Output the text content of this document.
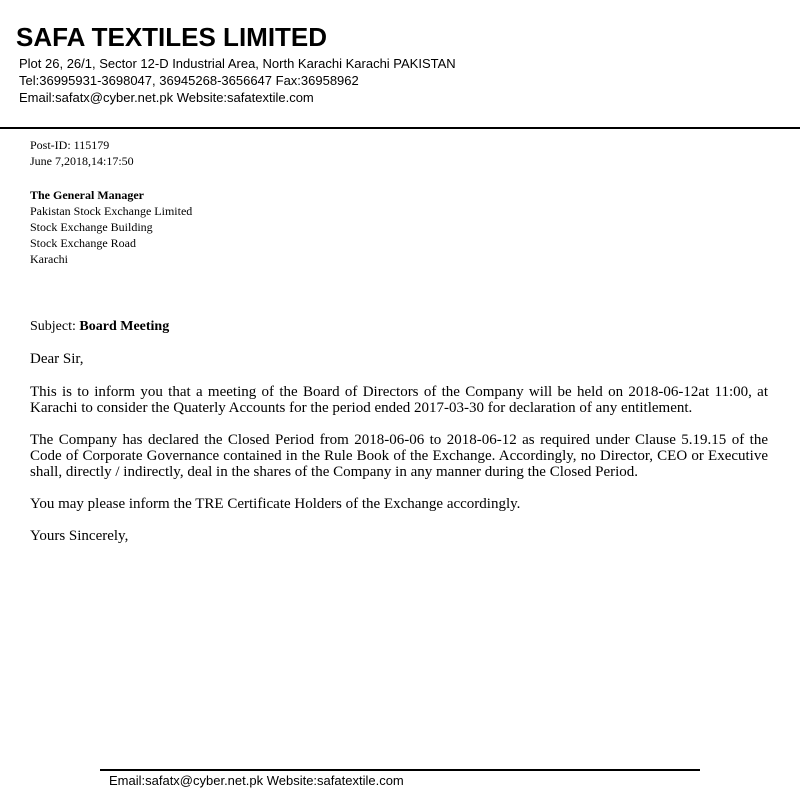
SAFA TEXTILES LIMITED
Plot 26, 26/1, Sector 12-D Industrial Area, North Karachi Karachi PAKISTAN
Tel:36995931-3698047, 36945268-3656647 Fax:36958962
Email:safatx@cyber.net.pk Website:safatextile.com
Post-ID: 115179
June 7,2018,14:17:50
The General Manager
Pakistan Stock Exchange Limited
Stock Exchange Building
Stock Exchange Road
Karachi
Subject: Board Meeting
Dear Sir,
This is to inform you that a meeting of the Board of Directors of the Company will be held on 2018-06-12at 11:00, at Karachi to consider the Quaterly Accounts for the period ended 2017-03-30 for declaration of any entitlement.
The Company has declared the Closed Period from 2018-06-06 to 2018-06-12 as required under Clause 5.19.15 of the Code of Corporate Governance contained in the Rule Book of the Exchange. Accordingly, no Director, CEO or Executive shall, directly / indirectly, deal in the shares of the Company in any manner during the Closed Period.
You may please inform the TRE Certificate Holders of the Exchange accordingly.
Yours Sincerely,
Email:safatx@cyber.net.pk Website:safatextile.com
